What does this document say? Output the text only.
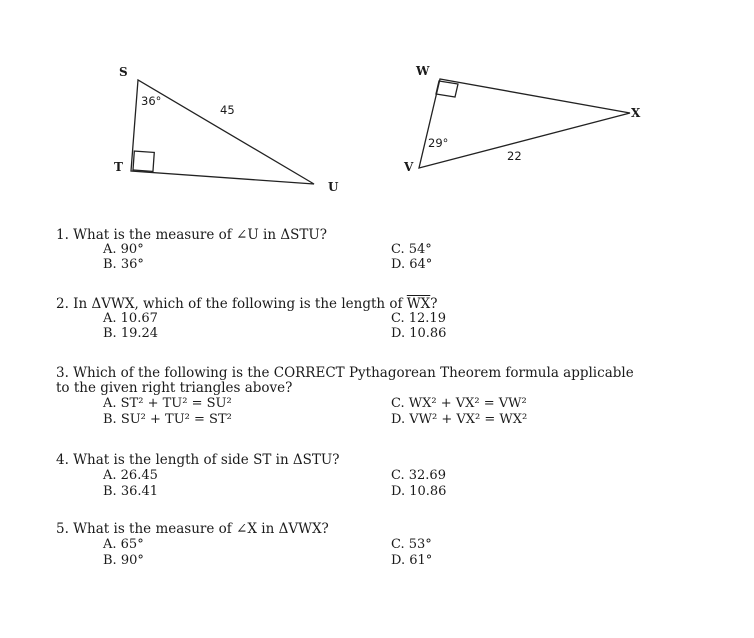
S
T
U
36°
45
W
V
X
29°
22
1. What is the measure of ∠U in ΔSTU?
A. 90°
B. 36°
C. 54°
D. 64°
2. In ΔVWX, which of the following is the length of $\overline{WX}$?
A. 10.67
B. 19.24
C. 12.19
D. 10.86
3. Which of the following is the CORRECT Pythagorean Theorem formula applicable
to the given right triangles above?
A. ST² + TU² = SU²
B. SU² + TU² = ST²
C. WX² + VX² = VW²
D. VW² + VX² = WX²
4. What is the length of side ST in ΔSTU?
A. 26.45
B. 36.41
C. 32.69
D. 10.86
5. What is the measure of ∠X in ΔVWX?
A. 65°
B. 90°
C. 53°
D. 61°
